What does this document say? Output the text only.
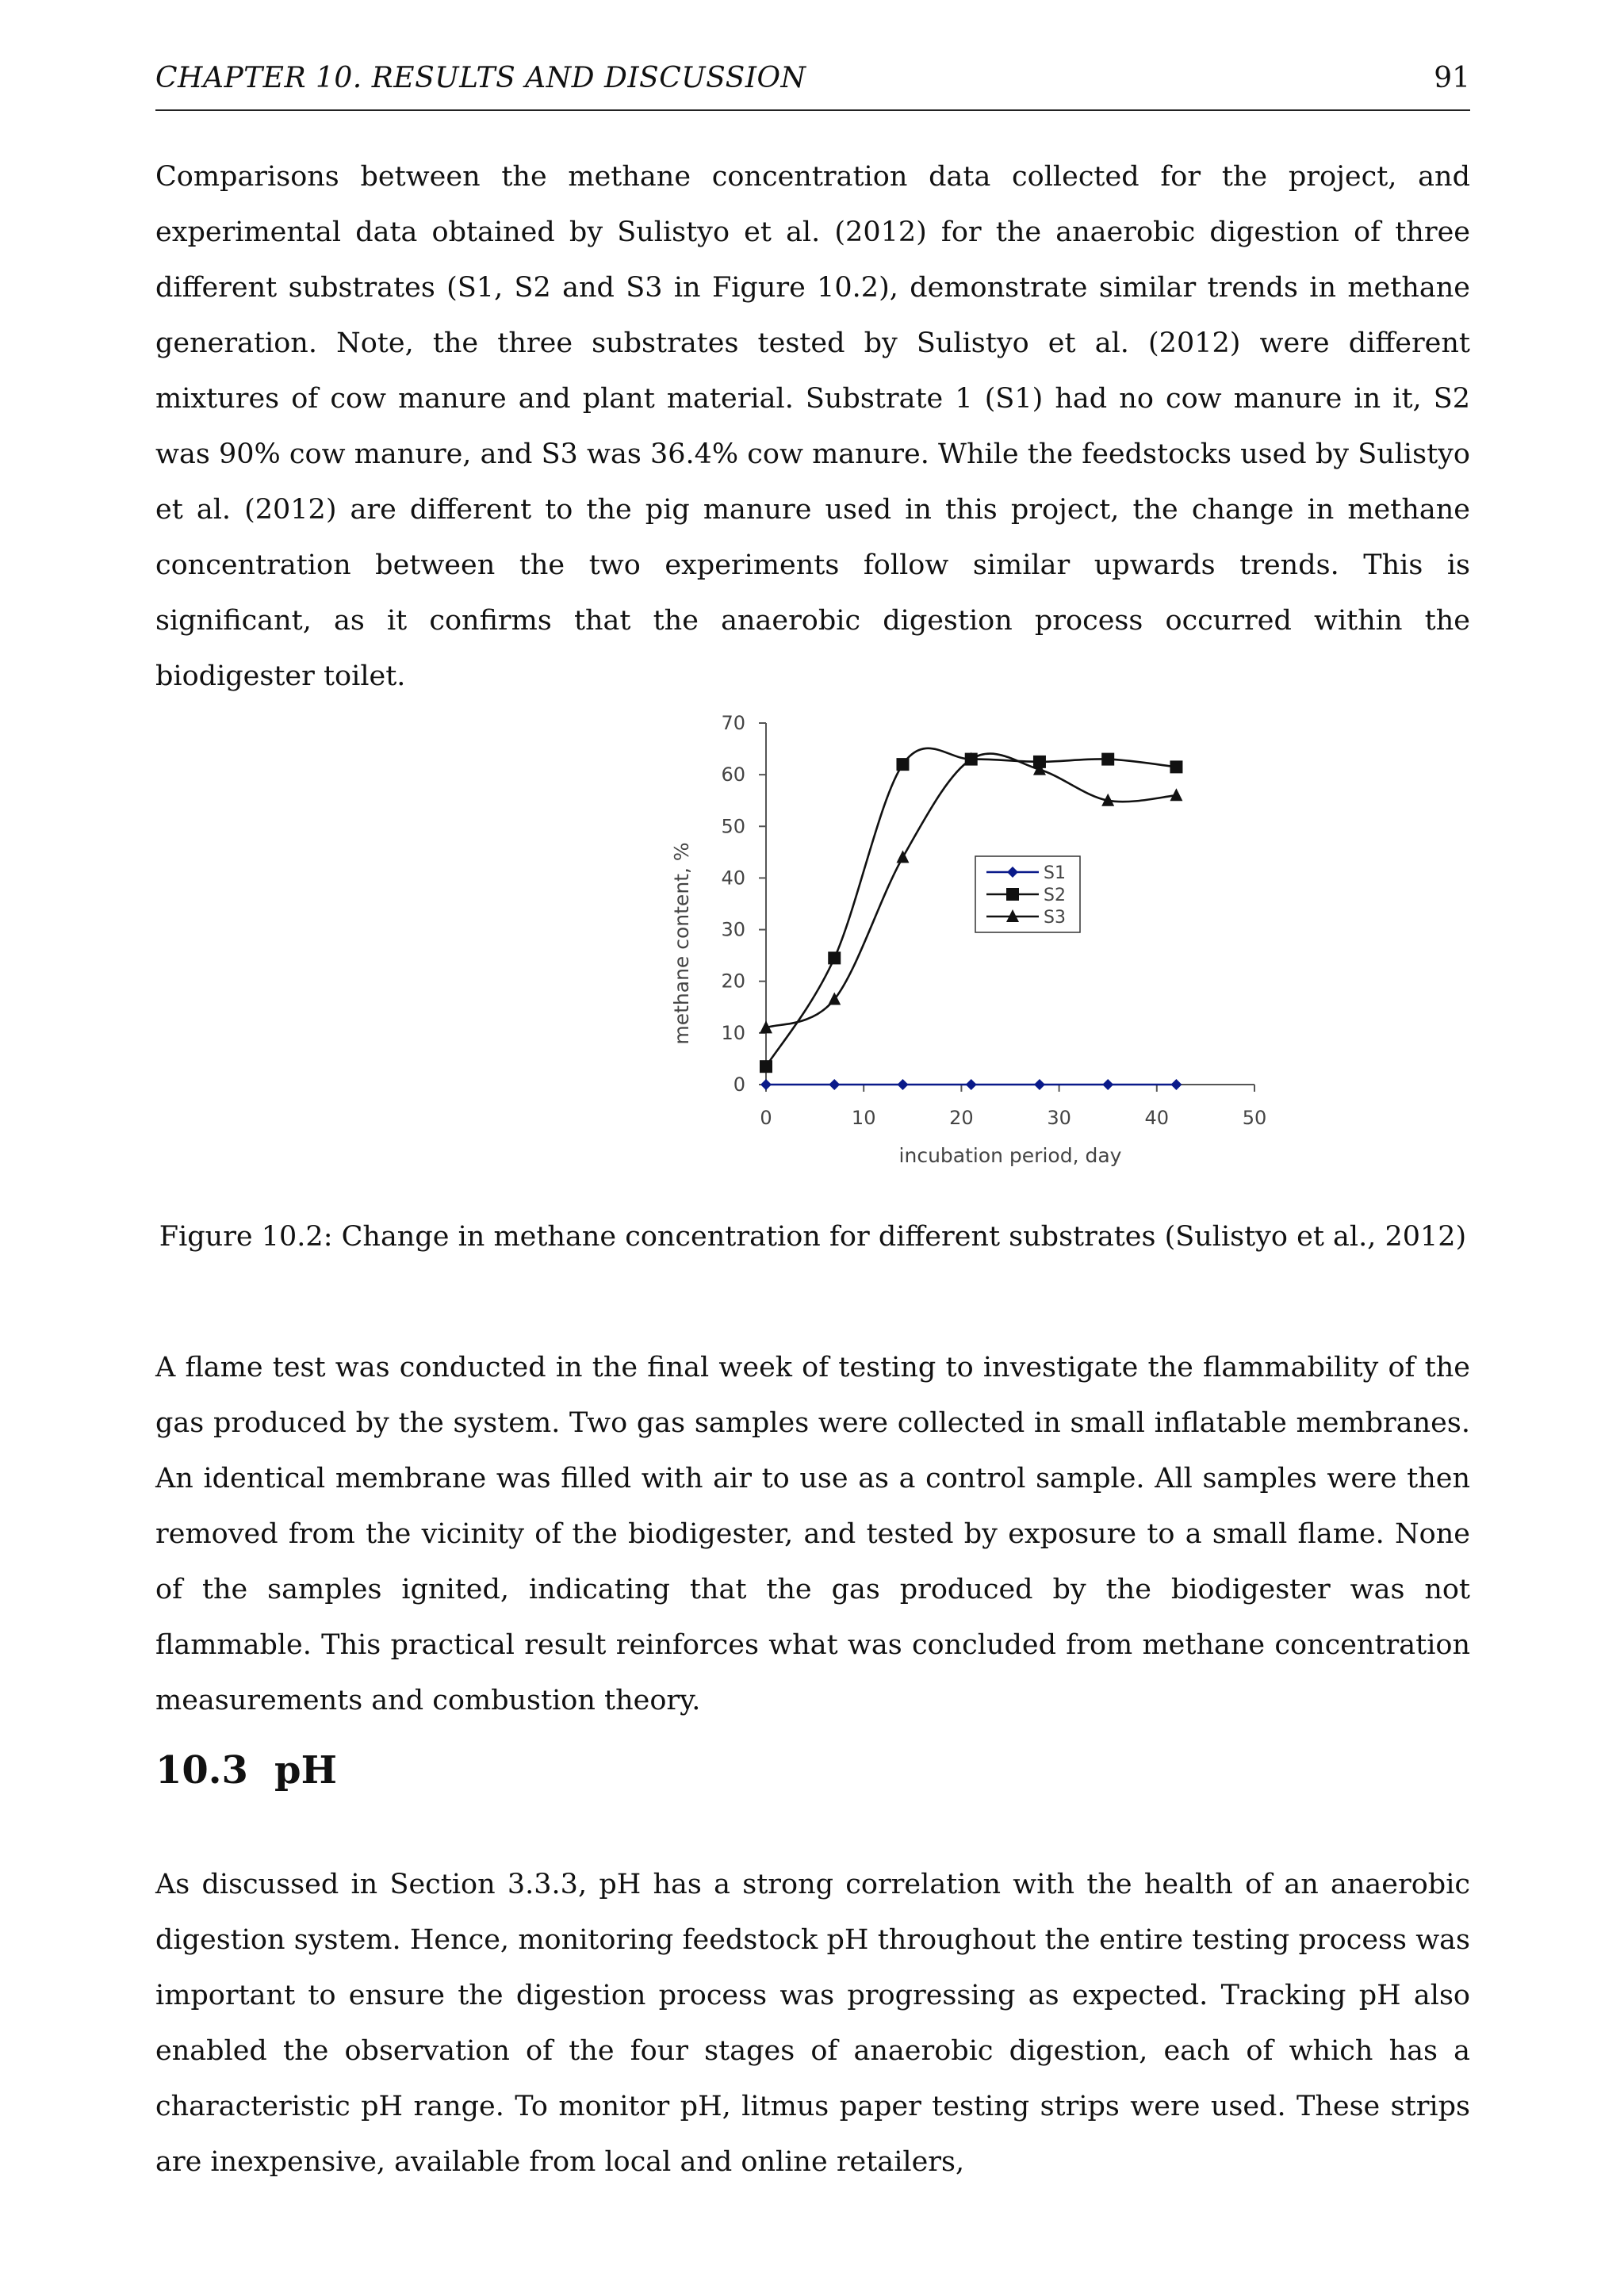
CHAPTER 10. RESULTS AND DISCUSSION	91

Comparisons between the methane concentration data collected for the project, and experimental data obtained by Sulistyo et al. (2012) for the anaerobic digestion of three different substrates (S1, S2 and S3 in Figure 10.2), demonstrate similar trends in methane generation. Note, the three substrates tested by Sulistyo et al. (2012) were different mixtures of cow manure and plant material. Substrate 1 (S1) had no cow manure in it, S2 was 90% cow manure, and S3 was 36.4% cow manure. While the feedstocks used by Sulistyo et al. (2012) are different to the pig manure used in this project, the change in methane concentration between the two experiments follow similar upwards trends. This is significant, as it confirms that the anaerobic digestion process occurred within the biodigester toilet.

0
10
20
30
40
50
60
70
0	10	20	30	40	50
incubation period, day
methane content, %	S1
S2
S3

Figure 10.2: Change in methane concentration for different substrates (Sulistyo et al., 2012)

A flame test was conducted in the final week of testing to investigate the flammability of the gas produced by the system. Two gas samples were collected in small inflatable membranes. An identical membrane was filled with air to use as a control sample. All samples were then removed from the vicinity of the biodigester, and tested by exposure to a small flame. None of the samples ignited, indicating that the gas produced by the biodigester was not flammable. This practical result reinforces what was concluded from methane concentration measurements and combustion theory.

10.3 pH

As discussed in Section 3.3.3, pH has a strong correlation with the health of an anaerobic digestion system. Hence, monitoring feedstock pH throughout the entire testing process was important to ensure the digestion process was progressing as expected. Tracking pH also enabled the observation of the four stages of anaerobic digestion, each of which has a characteristic pH range. To monitor pH, litmus paper testing strips were used. These strips are inexpensive, available from local and online retailers,
